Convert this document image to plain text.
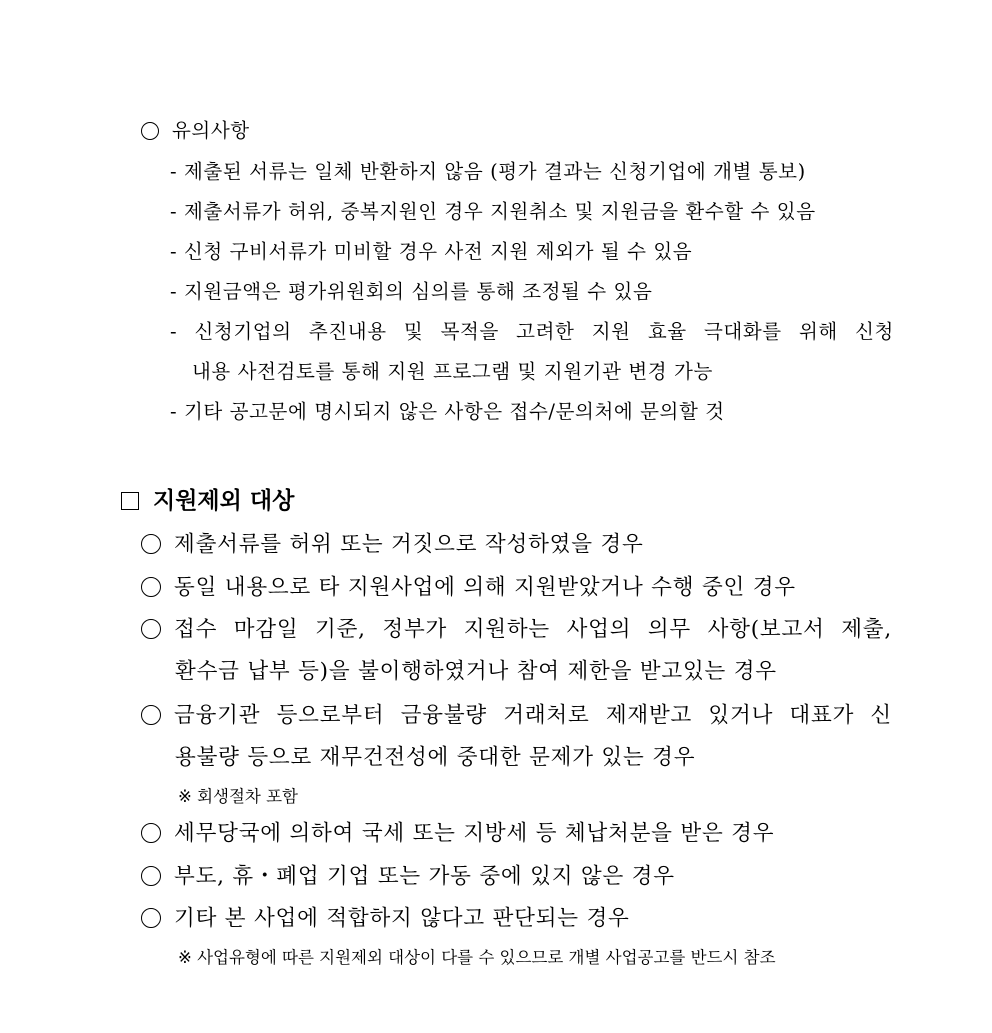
유의사항
- 제출된 서류는 일체 반환하지 않음 (평가 결과는 신청기업에 개별 통보)
- 제출서류가 허위, 중복지원인 경우 지원취소 및 지원금을 환수할 수 있음
- 신청 구비서류가 미비할 경우 사전 지원 제외가 될 수 있음
- 지원금액은 평가위원회의 심의를 통해 조정될 수 있음
- 신청기업의 추진내용 및 목적을 고려한 지원 효율 극대화를 위해 신청
내용 사전검토를 통해 지원 프로그램 및 지원기관 변경 가능
- 기타 공고문에 명시되지 않은 사항은 접수/문의처에 문의할 것
지원제외 대상
제출서류를 허위 또는 거짓으로 작성하였을 경우
동일 내용으로 타 지원사업에 의해 지원받았거나 수행 중인 경우
접수 마감일 기준, 정부가 지원하는 사업의 의무 사항(보고서 제출,
환수금 납부 등)을 불이행하였거나 참여 제한을 받고있는 경우
금융기관 등으로부터 금융불량 거래처로 제재받고 있거나 대표가 신
용불량 등으로 재무건전성에 중대한 문제가 있는 경우
※ 회생절차 포함
세무당국에 의하여 국세 또는 지방세 등 체납처분을 받은 경우
부도, 휴・폐업 기업 또는 가동 중에 있지 않은 경우
기타 본 사업에 적합하지 않다고 판단되는 경우
※ 사업유형에 따른 지원제외 대상이 다를 수 있으므로 개별 사업공고를 반드시 참조
